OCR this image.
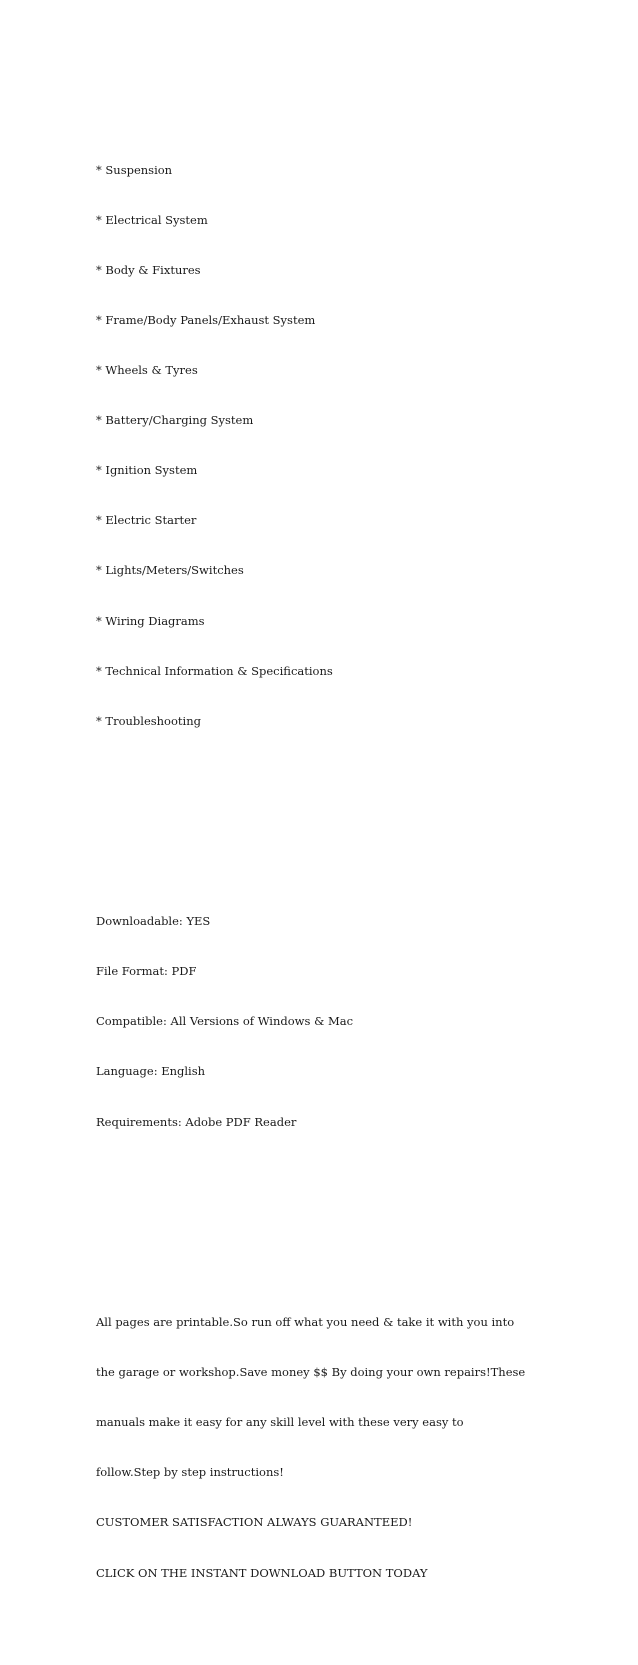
* Suspension

* Electrical System

* Body & Fixtures

* Frame/Body Panels/Exhaust System

* Wheels & Tyres

* Battery/Charging System

* Ignition System

* Electric Starter

* Lights/Meters/Switches

* Wiring Diagrams

* Technical Information & Specifications

* Troubleshooting

Downloadable: YES

File Format: PDF

Compatible: All Versions of Windows & Mac

Language: English

Requirements: Adobe PDF Reader

All pages are printable.So run off what you need & take it with you into

the garage or workshop.Save money $$ By doing your own repairs!These

manuals make it easy for any skill level with these very easy to

follow.Step by step instructions!

CUSTOMER SATISFACTION ALWAYS GUARANTEED!

CLICK ON THE INSTANT DOWNLOAD BUTTON TODAY
